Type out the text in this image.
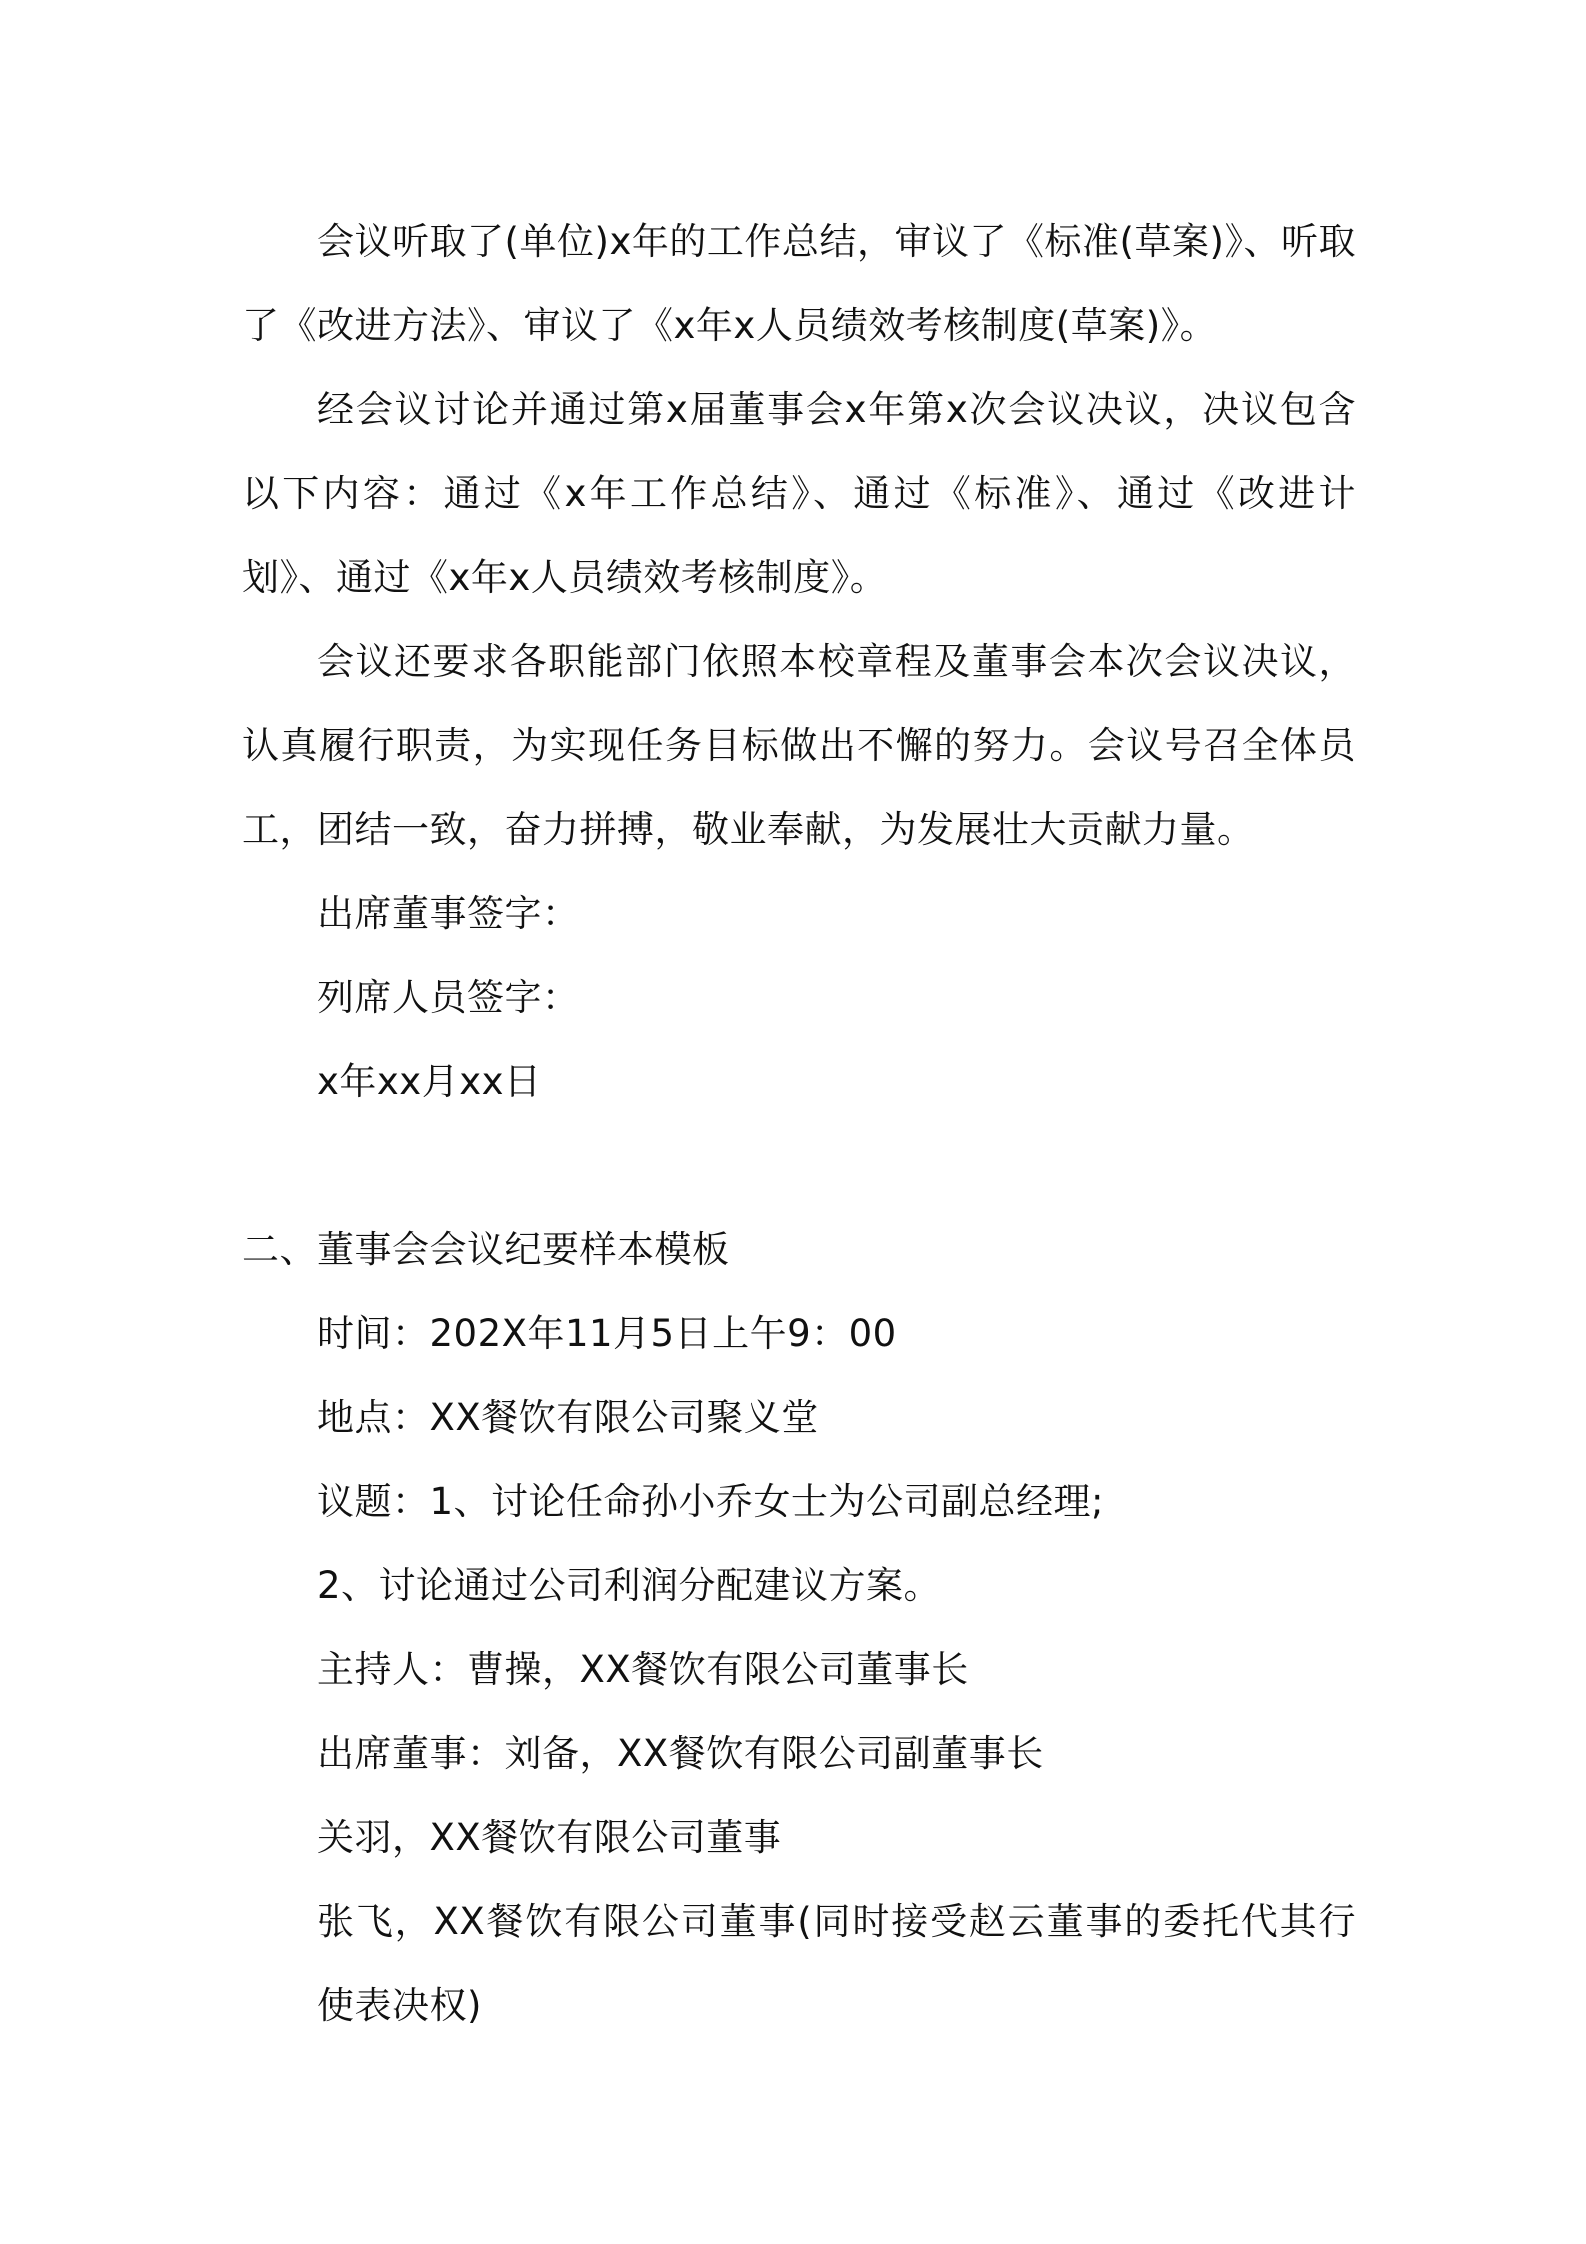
会议听取了(单位)x年的工作总结，审议了《标准(草案)》、听取了《改进方法》、审议了《x年x人员绩效考核制度(草案)》。

经会议讨论并通过第x届董事会x年第x次会议决议，决议包含以下内容：通过《x年工作总结》、通过《标准》、通过《改进计划》、通过《x年x人员绩效考核制度》。

会议还要求各职能部门依照本校章程及董事会本次会议决议，认真履行职责，为实现任务目标做出不懈的努力。会议号召全体员工，团结一致，奋力拼搏，敬业奉献，为发展壮大贡献力量。

出席董事签字：

列席人员签字：

x年xx月xx日

二、董事会会议纪要样本模板

时间：202X年11月5日上午9：00

地点：XX餐饮有限公司聚义堂

议题：1、讨论任命孙小乔女士为公司副总经理;

2、讨论通过公司利润分配建议方案。

主持人：曹操，XX餐饮有限公司董事长

出席董事：刘备，XX餐饮有限公司副董事长

关羽，XX餐饮有限公司董事

张飞，XX餐饮有限公司董事(同时接受赵云董事的委托代其行使表决权)
